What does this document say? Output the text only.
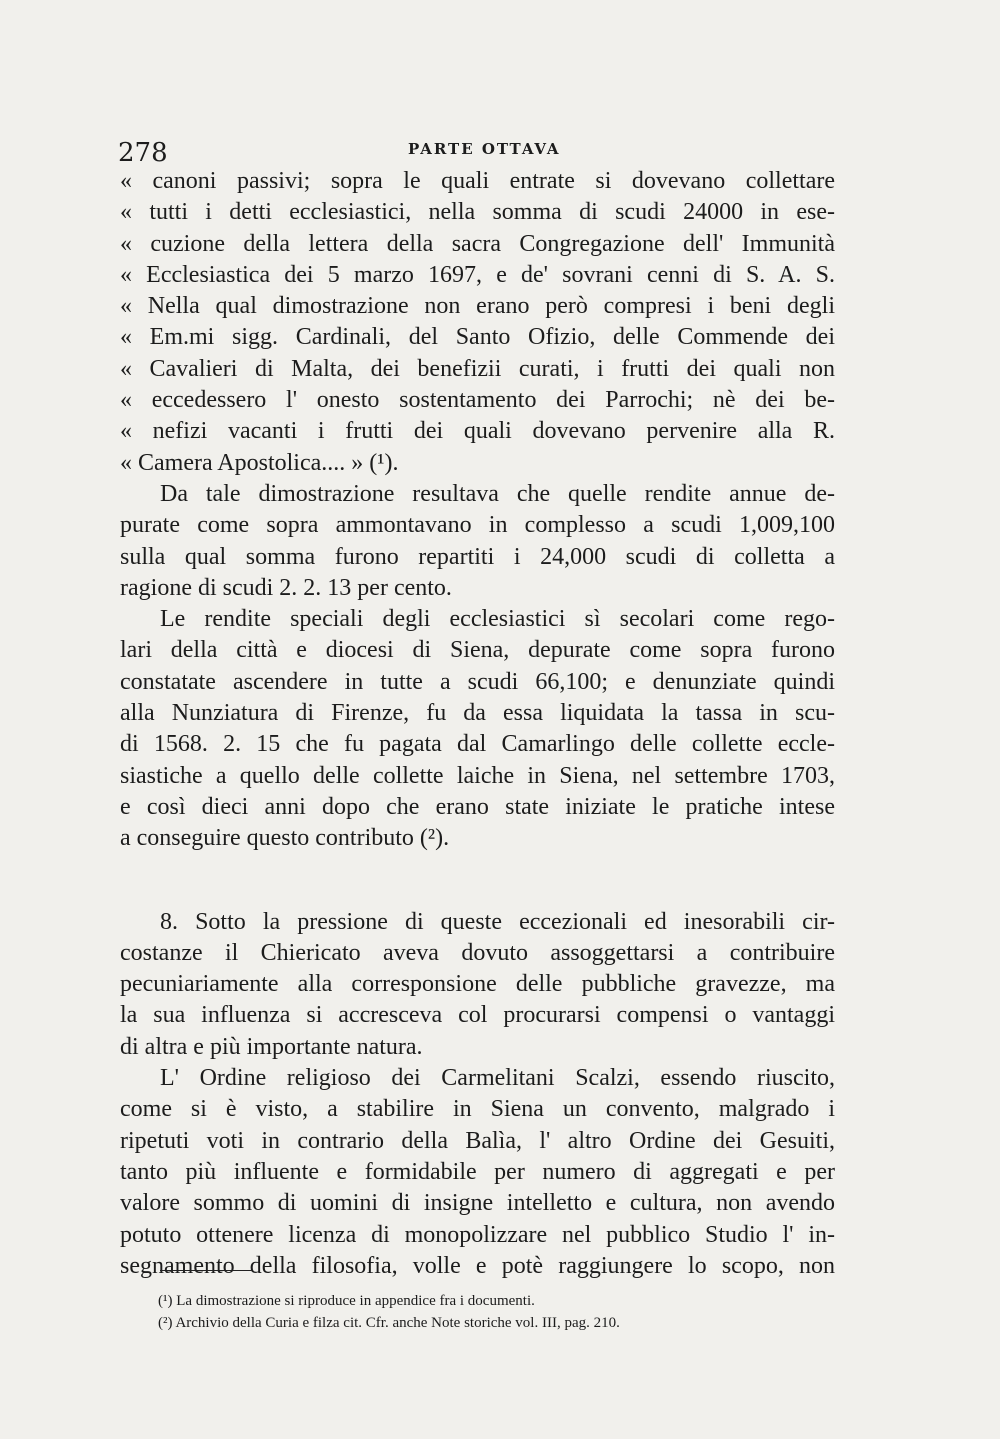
278	PARTE OTTAVA
« canoni passivi; sopra le quali entrate si dovevano collettare
« tutti i detti ecclesiastici, nella somma di scudi 24000 in ese-
« cuzione della lettera della sacra Congregazione dell' Immunità
« Ecclesiastica dei 5 marzo 1697, e de' sovrani cenni di S. A. S.
« Nella qual dimostrazione non erano però compresi i beni degli
« Em.mi sigg. Cardinali, del Santo Ofizio, delle Commende dei
« Cavalieri di Malta, dei benefizii curati, i frutti dei quali non
« eccedessero l' onesto sostentamento dei Parrochi; nè dei be-
« nefizi vacanti i frutti dei quali dovevano pervenire alla R.
« Camera Apostolica.... » (¹).
Da tale dimostrazione resultava che quelle rendite annue de-
purate come sopra ammontavano in complesso a scudi 1,009,100
sulla qual somma furono repartiti i 24,000 scudi di colletta a
ragione di scudi 2. 2. 13 per cento.
Le rendite speciali degli ecclesiastici sì secolari come rego-
lari della città e diocesi di Siena, depurate come sopra furono
constatate ascendere in tutte a scudi 66,100; e denunziate quindi
alla Nunziatura di Firenze, fu da essa liquidata la tassa in scu-
di 1568. 2. 15 che fu pagata dal Camarlingo delle collette eccle-
siastiche a quello delle collette laiche in Siena, nel settembre 1703,
e così dieci anni dopo che erano state iniziate le pratiche intese
a conseguire questo contributo (²).
8. Sotto la pressione di queste eccezionali ed inesorabili cir-
costanze il Chiericato aveva dovuto assoggettarsi a contribuire
pecuniariamente alla corresponsione delle pubbliche gravezze, ma
la sua influenza si accresceva col procurarsi compensi o vantaggi
di altra e più importante natura.
L' Ordine religioso dei Carmelitani Scalzi, essendo riuscito,
come si è visto, a stabilire in Siena un convento, malgrado i
ripetuti voti in contrario della Balìa, l' altro Ordine dei Gesuiti,
tanto più influente e formidabile per numero di aggregati e per
valore sommo di uomini di insigne intelletto e cultura, non avendo
potuto ottenere licenza di monopolizzare nel pubblico Studio l' in-
segnamento della filosofia, volle e potè raggiungere lo scopo, non
(¹) La dimostrazione si riproduce in appendice fra i documenti.
(²) Archivio della Curia e filza cit. Cfr. anche Note storiche vol. III, pag. 210.
